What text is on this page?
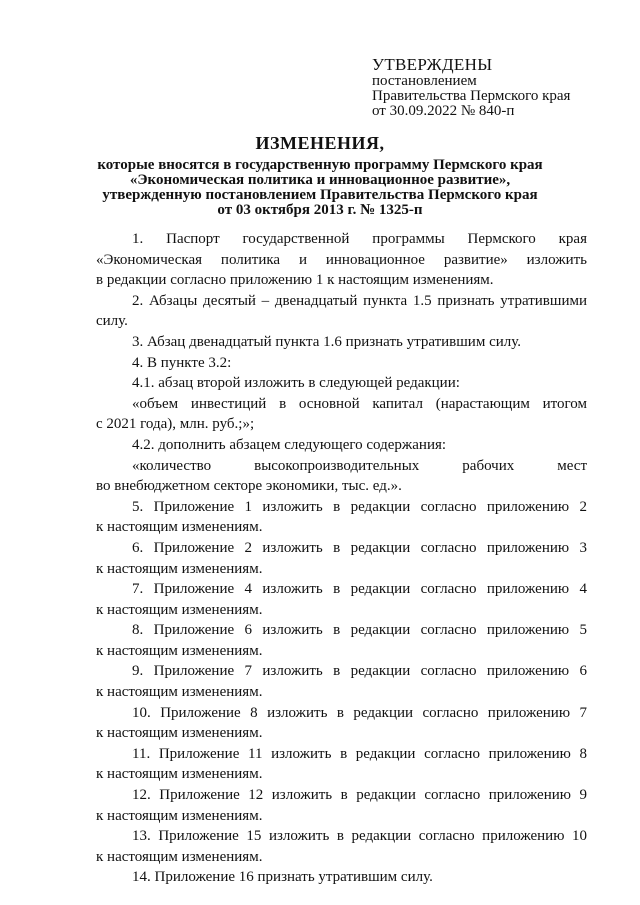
УТВЕРЖДЕНЫ
постановлением
Правительства Пермского края
от 30.09.2022 № 840-п
ИЗМЕНЕНИЯ,
которые вносятся в государственную программу Пермского края
«Экономическая политика и инновационное развитие»,
утвержденную постановлением Правительства Пермского края
от 03 октября 2013 г. № 1325-п
1. Паспорт государственной программы Пермского края
«Экономическая политика и инновационное развитие» изложить
в редакции согласно приложению 1 к настоящим изменениям.
2. Абзацы десятый – двенадцатый пункта 1.5 признать утратившими
силу.
3. Абзац двенадцатый пункта 1.6 признать утратившим силу.
4. В пункте 3.2:
4.1. абзац второй изложить в следующей редакции:
«объем инвестиций в основной капитал (нарастающим итогом
с 2021 года), млн. руб.;»;
4.2. дополнить абзацем следующего содержания:
«количество высокопроизводительных рабочих мест
во внебюджетном секторе экономики, тыс. ед.».
5. Приложение 1 изложить в редакции согласно приложению 2
к настоящим изменениям.
6. Приложение 2 изложить в редакции согласно приложению 3
к настоящим изменениям.
7. Приложение 4 изложить в редакции согласно приложению 4
к настоящим изменениям.
8. Приложение 6 изложить в редакции согласно приложению 5
к настоящим изменениям.
9. Приложение 7 изложить в редакции согласно приложению 6
к настоящим изменениям.
10. Приложение 8 изложить в редакции согласно приложению 7
к настоящим изменениям.
11. Приложение 11 изложить в редакции согласно приложению 8
к настоящим изменениям.
12. Приложение 12 изложить в редакции согласно приложению 9
к настоящим изменениям.
13. Приложение 15 изложить в редакции согласно приложению 10
к настоящим изменениям.
14. Приложение 16 признать утратившим силу.
